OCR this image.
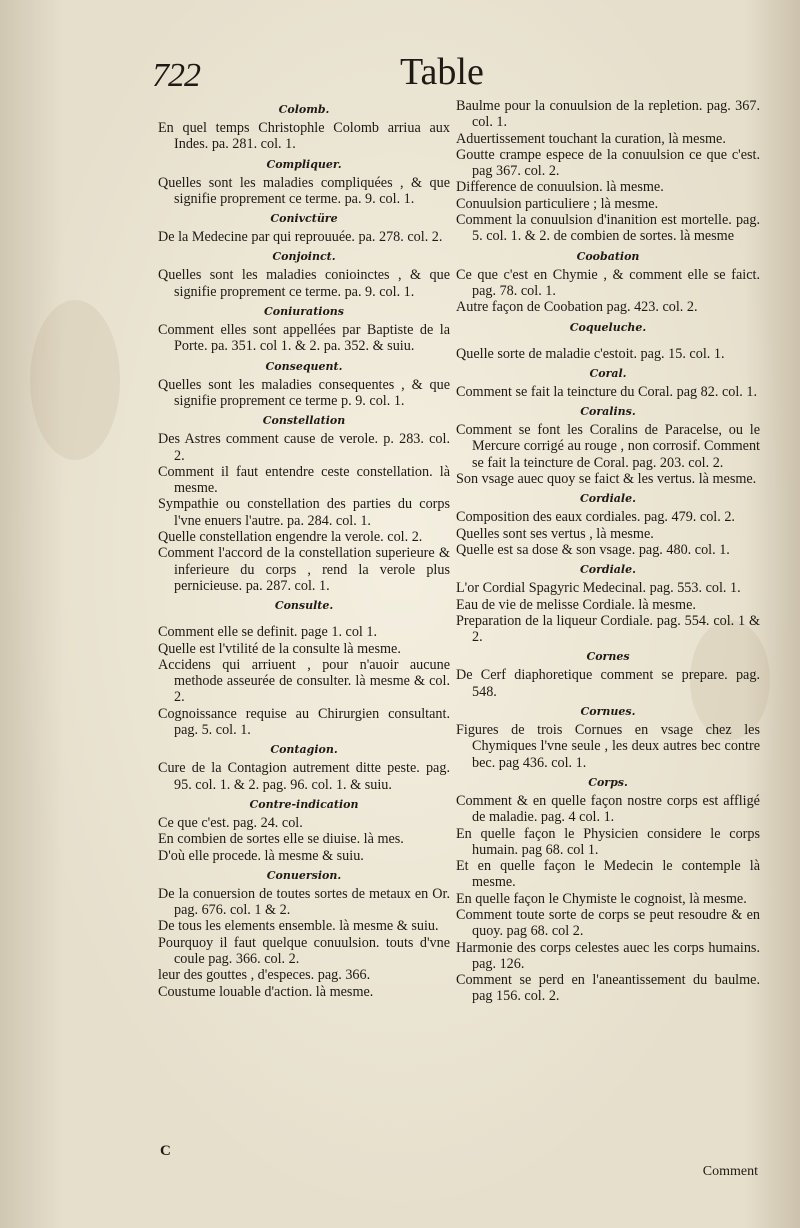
722	Table
Colomb.
En quel temps Christophle Colomb arriua aux Indes. pa. 281. col. 1.
Compliquer.
Quelles sont les maladies compliquées , & que signifie proprement ce terme. pa. 9. col. 1.
Conivctüre
De la Medecine par qui reprouuée. pa. 278. col. 2.
Conjoinct.
Quelles sont les maladies conioinctes , & que signifie proprement ce terme. pa. 9. col. 1.
Coniurations
Comment elles sont appellées par Baptiste de la Porte. pa. 351. col 1. & 2. pa. 352. & suiu.
Consequent.
Quelles sont les maladies consequentes , & que signifie proprement ce terme p. 9. col. 1.
Constellation
Des Astres comment cause de verole. p. 283. col. 2.
Comment il faut entendre ceste constellation. là mesme.
Sympathie ou constellation des parties du corps l'vne enuers l'autre. pa. 284. col. 1.
Quelle constellation engendre la verole. col. 2.
Comment l'accord de la constellation superieure & inferieure du corps , rend la verole plus pernicieuse. pa. 287. col. 1.
Consulte.
Comment elle se definit. page 1. col 1.
Quelle est l'vtilité de la consulte là mesme.
Accidens qui arriuent , pour n'auoir aucune methode asseurée de consulter. là mesme & col. 2.
Cognoissance requise au Chirurgien consultant. pag. 5. col. 1.
Contagion.
Cure de la Contagion autrement ditte peste. pag. 95. col. 1. & 2. pag. 96. col. 1. & suiu.
Contre-indication
Ce que c'est. pag. 24. col.
En combien de sortes elle se diuise. là mes.
D'où elle procede. là mesme & suiu.
Conuersion.
De la conuersion de toutes sortes de metaux en Or. pag. 676. col. 1 & 2.
De tous les elements ensemble. là mesme & suiu.
Pourquoy il faut quelque conuulsion. touts d'vne coule pag. 366. col. 2.
leur des gouttes , d'especes. pag. 366.
Coustume louable d'action. là mesme.
Baulme pour la conuulsion de la repletion. pag. 367. col. 1.
Aduertissement touchant la curation, là mesme.
Goutte crampe espece de la conuulsion ce que c'est. pag 367. col. 2.
Difference de conuulsion. là mesme.
Conuulsion particuliere ; là mesme.
Comment la conuulsion d'inanition est mortelle. pag. 5. col. 1. & 2. de combien de sortes. là mesme
Coobation
Ce que c'est en Chymie , & comment elle se faict. pag. 78. col. 1.
Autre façon de Coobation pag. 423. col. 2.
Coqueluche.
Quelle sorte de maladie c'estoit. pag. 15. col. 1.
Coral.
Comment se fait la teincture du Coral. pag 82. col. 1.
Coralins.
Comment se font les Coralins de Paracelse, ou le Mercure corrigé au rouge , non corrosif. Comment se fait la teincture de Coral. pag. 203. col. 2.
Son vsage auec quoy se faict & les vertus. là mesme.
Cordiale.
Composition des eaux cordiales. pag. 479. col. 2.
Quelles sont ses vertus , là mesme.
Quelle est sa dose & son vsage. pag. 480. col. 1.
Cordiale.
L'or Cordial Spagyric Medecinal. pag. 553. col. 1.
Eau de vie de melisse Cordiale. là mesme.
Preparation de la liqueur Cordiale. pag. 554. col. 1 & 2.
Cornes
De Cerf diaphoretique comment se prepare. pag. 548.
Cornues.
Figures de trois Cornues en vsage chez les Chymiques l'vne seule , les deux autres bec contre bec. pag 436. col. 1.
Corps.
Comment & en quelle façon nostre corps est affligé de maladie. pag. 4 col. 1.
En quelle façon le Physicien considere le corps humain. pag 68. col 1.
Et en quelle façon le Medecin le contemple là mesme.
En quelle façon le Chymiste le cognoist, là mesme.
Comment toute sorte de corps se peut resoudre & en quoy. pag 68. col 2.
Harmonie des corps celestes auec les corps humains. pag. 126.
Comment se perd en l'aneantissement du baulme. pag 156. col. 2.
C
Comment
